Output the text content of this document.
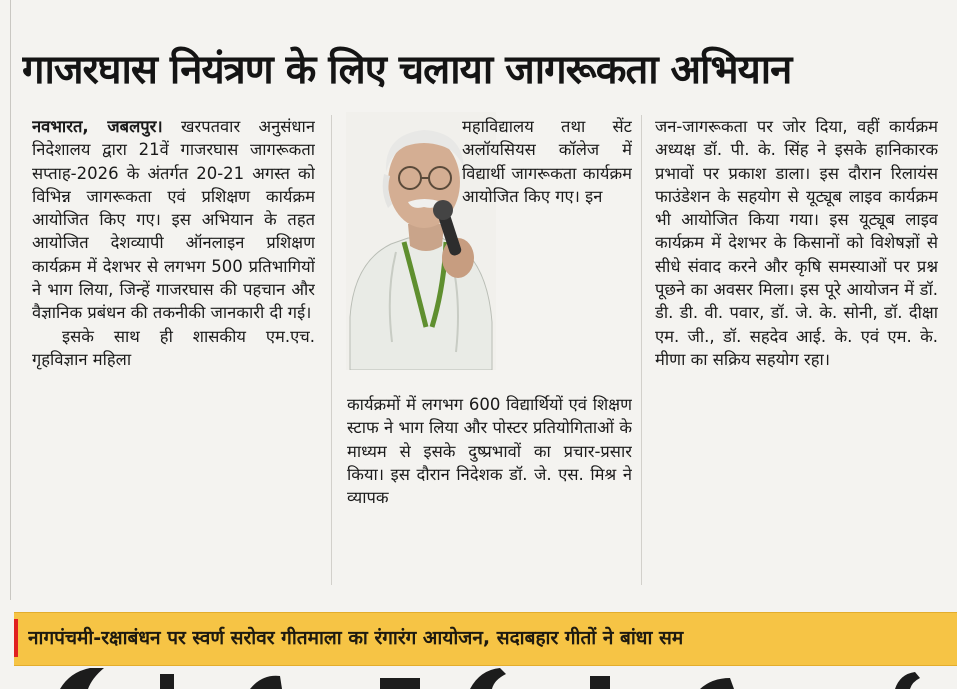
गाजरघास नियंत्रण के लिए चलाया जागरूकता अभियान

नवभारत, जबलपुर। खरपतवार अनुसंधान निदेशालय द्वारा 21वें गाजरघास जागरूकता सप्ताह-2026 के अंतर्गत 20-21 अगस्त को विभिन्न जागरूकता एवं प्रशिक्षण कार्यक्रम आयोजित किए गए। इस अभियान के तहत आयोजित देशव्यापी ऑनलाइन प्रशिक्षण कार्यक्रम में देशभर से लगभग 500 प्रतिभागियों ने भाग लिया, जिन्हें गाजरघास की पहचान और वैज्ञानिक प्रबंधन की तकनीकी जानकारी दी गई।

इसके साथ ही शासकीय एम.एच. गृहविज्ञान महिला

महाविद्यालय तथा सेंट अलॉयसियस कॉलेज में विद्यार्थी जागरूकता कार्यक्रम आयोजित किए गए। इन
कार्यक्रमों में लगभग 600 विद्यार्थियों एवं शिक्षण स्टाफ ने भाग लिया और पोस्टर प्रतियोगिताओं के माध्यम से इसके दुष्प्रभावों का प्रचार-प्रसार किया। इस दौरान निदेशक डॉ. जे. एस. मिश्र ने व्यापक
जन-जागरूकता पर जोर दिया, वहीं कार्यक्रम अध्यक्ष डॉ. पी. के. सिंह ने इसके हानिकारक प्रभावों पर प्रकाश डाला। इस दौरान रिलायंस फाउंडेशन के सहयोग से यूट्यूब लाइव कार्यक्रम भी आयोजित किया गया। इस यूट्यूब लाइव कार्यक्रम में देशभर के किसानों को विशेषज्ञों से सीधे संवाद करने और कृषि समस्याओं पर प्रश्न पूछने का अवसर मिला। इस पूरे आयोजन में डॉ. डी. डी. वी. पवार, डॉ. जे. के. सोनी, डॉ. दीक्षा एम. जी., डॉ. सहदेव आई. के. एवं एम. के. मीणा का सक्रिय सहयोग रहा।
नागपंचमी-रक्षाबंधन पर स्वर्ण सरोवर गीतमाला का रंगारंग आयोजन, सदाबहार गीतों ने बांधा सम
